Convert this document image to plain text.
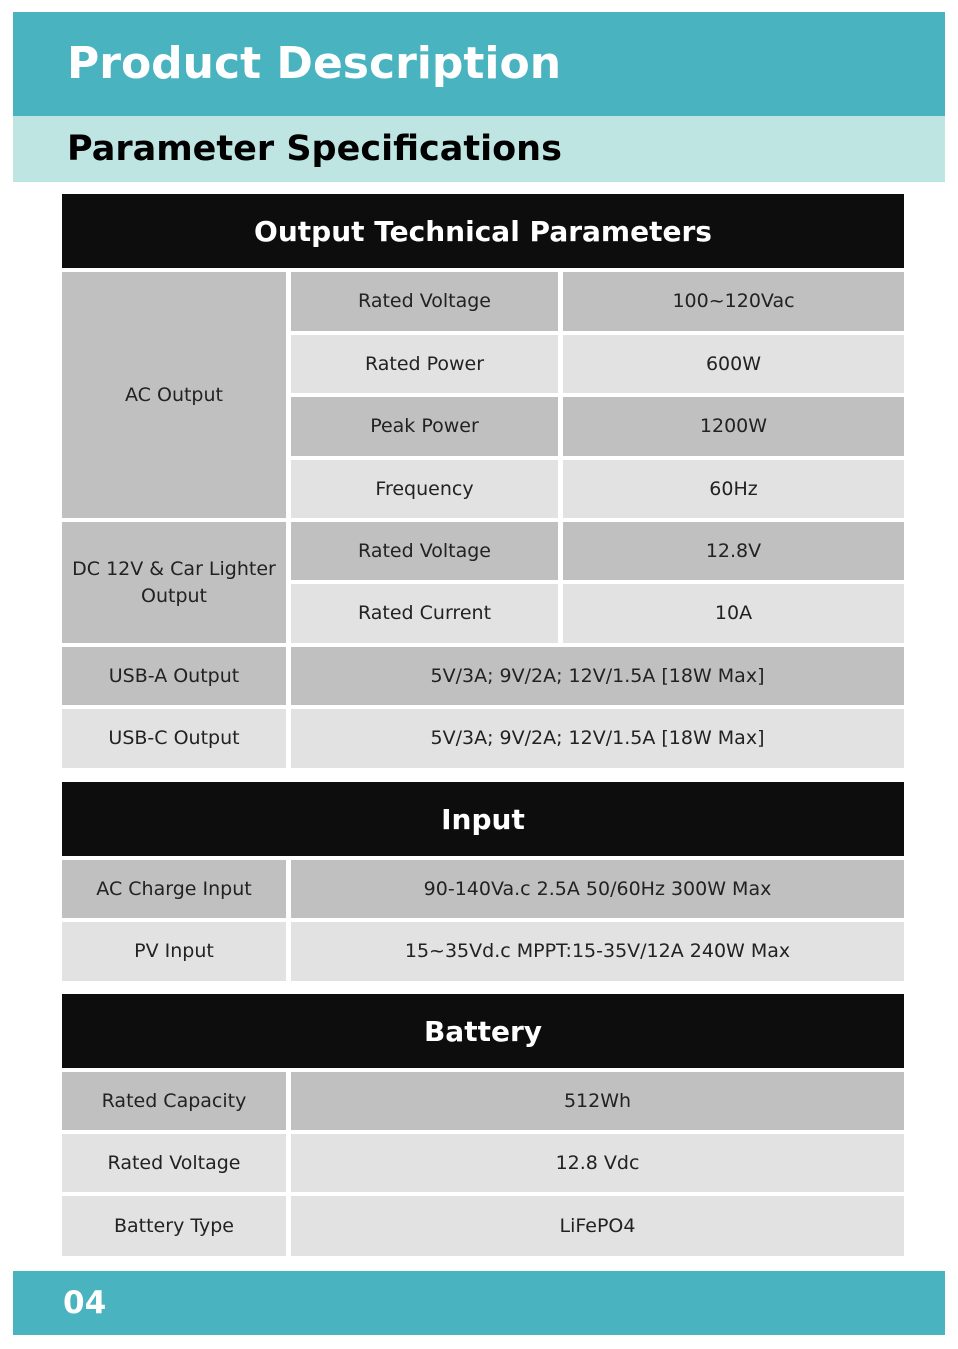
Product Description
Parameter Specifications
Output Technical Parameters
AC Output
Rated Voltage	100~120Vac
Rated Power	600W
Peak Power	1200W
Frequency	60Hz
DC 12V & Car Lighter Output
Rated Voltage	12.8V
Rated Current	10A
USB-A Output	5V/3A; 9V/2A; 12V/1.5A [18W Max]
USB-C Output	5V/3A; 9V/2A; 12V/1.5A [18W Max]
Input
AC Charge Input	90-140Va.c 2.5A 50/60Hz 300W Max
PV Input	15~35Vd.c MPPT:15-35V/12A 240W Max
Battery
Rated Capacity	512Wh
Rated Voltage	12.8 Vdc
Battery Type	LiFePO4
04
